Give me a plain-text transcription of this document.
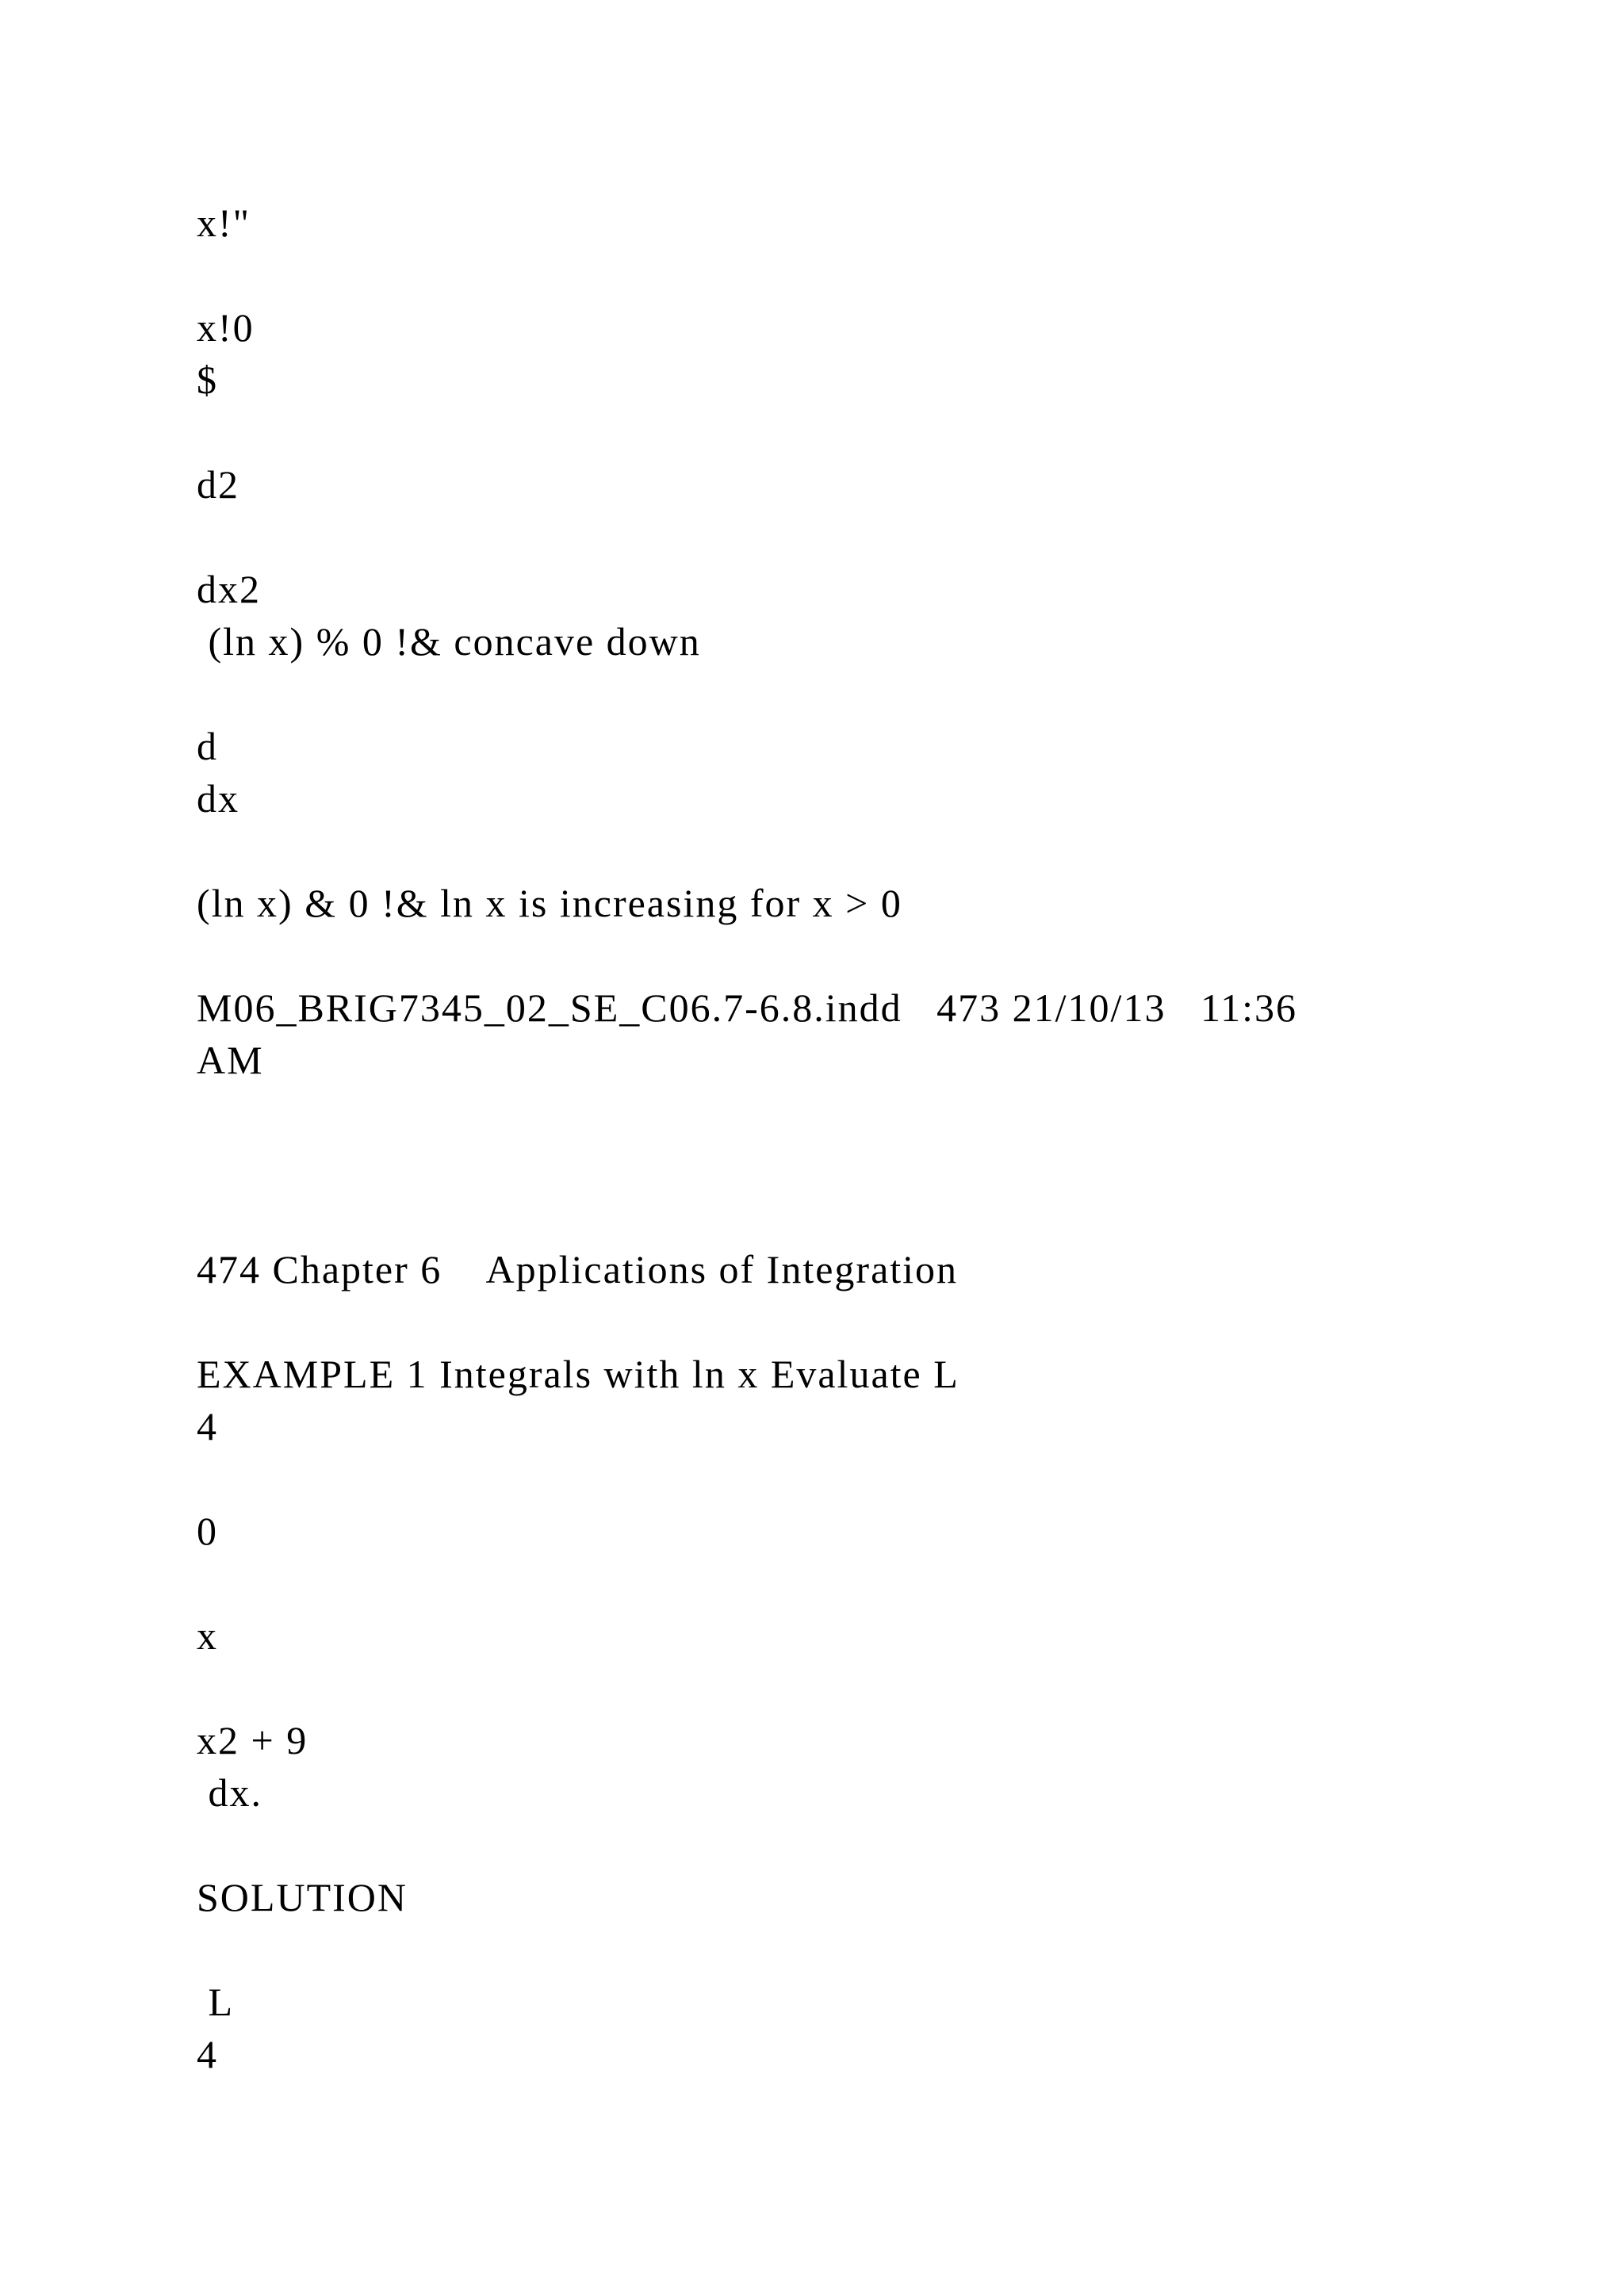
x!"
x!0
$
d2
dx2
(ln x) % 0 !& concave down
d
dx
(ln x) & 0 !& ln x is increasing for x > 0
M06_BRIG7345_02_SE_C06.7-6.8.indd   473 21/10/13   11:36
AM
474 Chapter 6    Applications of Integration
EXAMPLE 1 Integrals with ln x Evaluate L
4
0
x
x2 + 9
dx.
SOLUTION
L
4
